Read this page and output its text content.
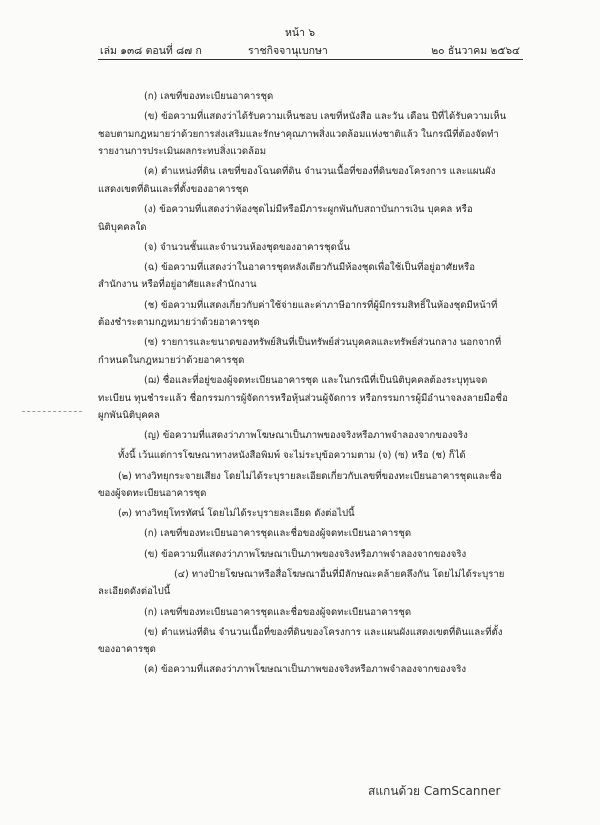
หน้า ๖
เล่ม ๑๓๘ ตอนที่ ๘๗ ก	ราชกิจจานุเบกษา	๒๐ ธันวาคม ๒๕๖๔

(ก) เลขที่ของทะเบียนอาคารชุด

(ข) ข้อความที่แสดงว่าได้รับความเห็นชอบ เลขที่หนังสือ และวัน เดือน ปีที่ได้รับความเห็นชอบตามกฎหมายว่าด้วยการส่งเสริมและรักษาคุณภาพสิ่งแวดล้อมแห่งชาติแล้ว ในกรณีที่ต้องจัดทำรายงานการประเมินผลกระทบสิ่งแวดล้อม

(ค) ตำแหน่งที่ดิน เลขที่ของโฉนดที่ดิน จำนวนเนื้อที่ของที่ดินของโครงการ และแผนผังแสดงเขตที่ดินและที่ตั้งของอาคารชุด

(ง) ข้อความที่แสดงว่าห้องชุดไม่มีหรือมีภาระผูกพันกับสถาบันการเงิน บุคคล หรือนิติบุคคลใด

(จ) จำนวนชั้นและจำนวนห้องชุดของอาคารชุดนั้น

(ฉ) ข้อความที่แสดงว่าในอาคารชุดหลังเดียวกันมีห้องชุดเพื่อใช้เป็นที่อยู่อาศัยหรือสำนักงาน หรือที่อยู่อาศัยและสำนักงาน

(ช) ข้อความที่แสดงเกี่ยวกับค่าใช้จ่ายและค่าภาษีอากรที่ผู้มีกรรมสิทธิ์ในห้องชุดมีหน้าที่ต้องชำระตามกฎหมายว่าด้วยอาคารชุด

(ซ) รายการและขนาดของทรัพย์สินที่เป็นทรัพย์ส่วนบุคคลและทรัพย์ส่วนกลาง นอกจากที่กำหนดในกฎหมายว่าด้วยอาคารชุด

(ฌ) ชื่อและที่อยู่ของผู้จดทะเบียนอาคารชุด และในกรณีที่เป็นนิติบุคคลต้องระบุทุนจดทะเบียน ทุนชำระแล้ว ชื่อกรรมการผู้จัดการหรือหุ้นส่วนผู้จัดการ หรือกรรมการผู้มีอำนาจลงลายมือชื่อผูกพันนิติบุคคล

(ญ) ข้อความที่แสดงว่าภาพโฆษณาเป็นภาพของจริงหรือภาพจำลองจากของจริง

ทั้งนี้ เว้นแต่การโฆษณาทางหนังสือพิมพ์ จะไม่ระบุข้อความตาม (จ) (ซ) หรือ (ช) ก็ได้

(๒) ทางวิทยุกระจายเสียง โดยไม่ได้ระบุรายละเอียดเกี่ยวกับเลขที่ของทะเบียนอาคารชุดและชื่อของผู้จดทะเบียนอาคารชุด

(๓) ทางวิทยุโทรทัศน์ โดยไม่ได้ระบุรายละเอียด ดังต่อไปนี้

(ก) เลขที่ของทะเบียนอาคารชุดและชื่อของผู้จดทะเบียนอาคารชุด

(ข) ข้อความที่แสดงว่าภาพโฆษณาเป็นภาพของจริงหรือภาพจำลองจากของจริง

(๔) ทางป้ายโฆษณาหรือสื่อโฆษณาอื่นที่มีลักษณะคล้ายคลึงกัน โดยไม่ได้ระบุรายละเอียดดังต่อไปนี้

(ก) เลขที่ของทะเบียนอาคารชุดและชื่อของผู้จดทะเบียนอาคารชุด

(ข) ตำแหน่งที่ดิน จำนวนเนื้อที่ของที่ดินของโครงการ และแผนผังแสดงเขตที่ดินและที่ตั้งของอาคารชุด

(ค) ข้อความที่แสดงว่าภาพโฆษณาเป็นภาพของจริงหรือภาพจำลองจากของจริง

สแกนด้วย CamScanner
